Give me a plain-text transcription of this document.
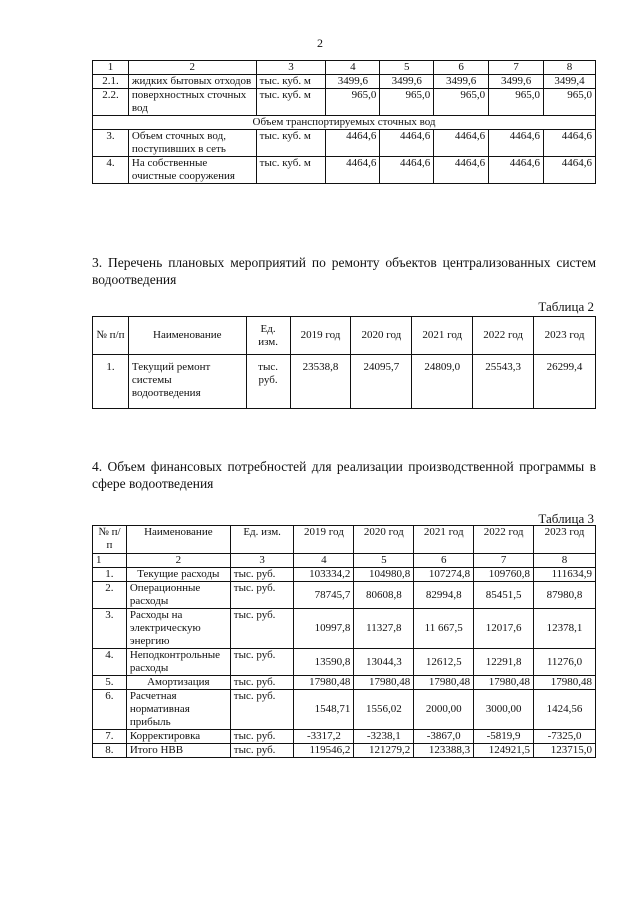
2
1	2	3	4	5	6	7	8
2.1.	жидких бытовых отходов	тыс. куб. м	3499,6	3499,6	3499,6	3499,6	3499,4
2.2.	поверхностных сточных вод	тыс. куб. м	965,0	965,0	965,0	965,0	965,0
Объем транспортируемых сточных вод							
3.	Объем сточных вод, поступивших в сеть	тыс. куб. м	4464,6	4464,6	4464,6	4464,6	4464,6
4.	На собственные очистные сооружения	тыс. куб. м	4464,6	4464,6	4464,6	4464,6	4464,6
3. Перечень плановых мероприятий по ремонту объектов централизованных систем водоотведения
Таблица 2
№ п/п	Наименование	Ед. изм.	2019 год	2020 год	2021 год	2022 год	2023 год
1.	Текущий ремонт системы водоотведения	тыс. руб.	23538,8	24095,7	24809,0	25543,3	26299,4
4. Объем финансовых потребностей для реализации производственной программы в сфере водоотведения
Таблица 3
№ п/п	Наименование	Ед. изм.	2019 год	2020 год	2021 год	2022 год	2023 год
1	2	3	4	5	6	7	8
1.	Текущие расходы	тыс. руб.	103334,2	104980,8	107274,8	109760,8	111634,9
2.	Операционные расходы	тыс. руб.	78745,7	80608,8	82994,8	85451,5	87980,8
3.	Расходы на электрическую энергию	тыс. руб.	10997,8	11327,8	11 667,5	12017,6	12378,1
4.	Неподконтрольные расходы	тыс. руб.	13590,8	13044,3	12612,5	12291,8	11276,0
5.	Амортизация	тыс. руб.	17980,48	17980,48	17980,48	17980,48	17980,48
6.	Расчетная нормативная прибыль	тыс. руб.	1548,71	1556,02	2000,00	3000,00	1424,56
7.	Корректировка	тыс. руб.	-3317,2	-3238,1	-3867,0	-5819,9	-7325,0
8.	Итого НВВ	тыс. руб.	119546,2	121279,2	123388,3	124921,5	123715,0
